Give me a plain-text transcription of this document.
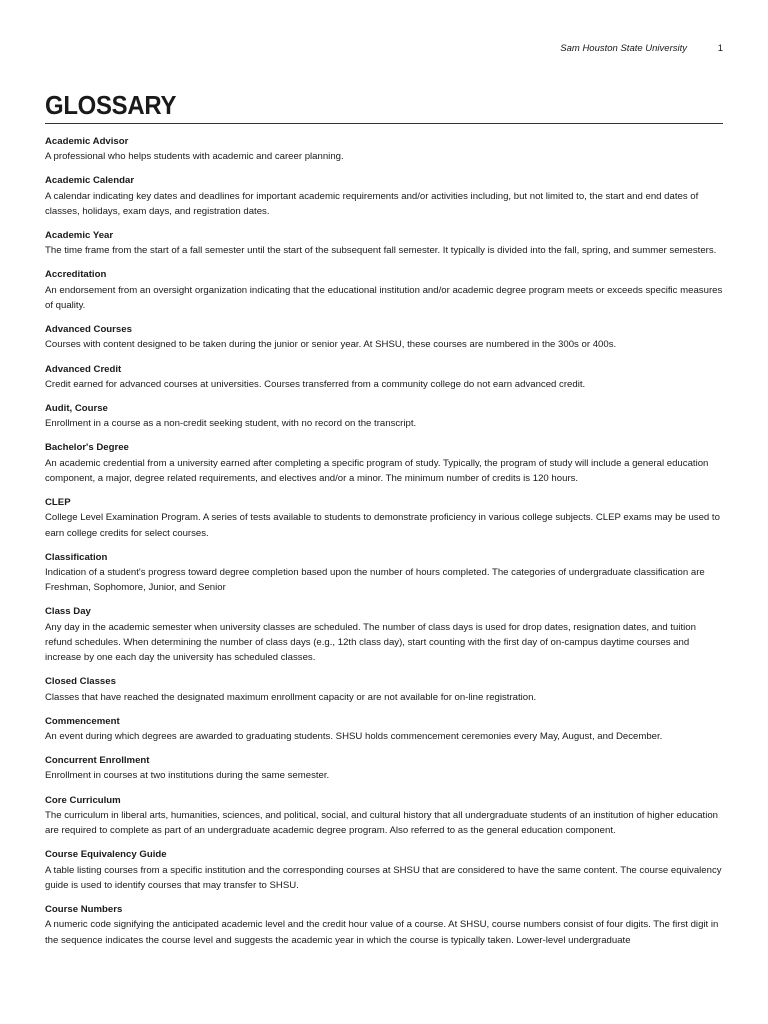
Sam Houston State University	1
GLOSSARY
Academic Advisor
A professional who helps students with academic and career planning.
Academic Calendar
A calendar indicating key dates and deadlines for important academic requirements and/or activities including, but not limited to, the start and end dates of classes, holidays, exam days, and registration dates.
Academic Year
The time frame from the start of a fall semester until the start of the subsequent fall semester. It typically is divided into the fall, spring, and summer semesters.
Accreditation
An endorsement from an oversight organization indicating that the educational institution and/or academic degree program meets or exceeds specific measures of quality.
Advanced Courses
Courses with content designed to be taken during the junior or senior year. At SHSU, these courses are numbered in the 300s or 400s.
Advanced Credit
Credit earned for advanced courses at universities. Courses transferred from a community college do not earn advanced credit.
Audit, Course
Enrollment in a course as a non-credit seeking student, with no record on the transcript.
Bachelor's Degree
An academic credential from a university earned after completing a specific program of study. Typically, the program of study will include a general education component, a major, degree related requirements, and electives and/or a minor. The minimum number of credits is 120 hours.
CLEP
College Level Examination Program. A series of tests available to students to demonstrate proficiency in various college subjects. CLEP exams may be used to earn college credits for select courses.
Classification
Indication of a student's progress toward degree completion based upon the number of hours completed. The categories of undergraduate classification are Freshman, Sophomore, Junior, and Senior
Class Day
Any day in the academic semester when university classes are scheduled. The number of class days is used for drop dates, resignation dates, and tuition refund schedules. When determining the number of class days (e.g., 12th class day), start counting with the first day of on-campus daytime courses and increase by one each day the university has scheduled classes.
Closed Classes
Classes that have reached the designated maximum enrollment capacity or are not available for on-line registration.
Commencement
An event during which degrees are awarded to graduating students. SHSU holds commencement ceremonies every May, August, and December.
Concurrent Enrollment
Enrollment in courses at two institutions during the same semester.
Core Curriculum
The curriculum in liberal arts, humanities, sciences, and political, social, and cultural history that all undergraduate students of an institution of higher education are required to complete as part of an undergraduate academic degree program. Also referred to as the general education component.
Course Equivalency Guide
A table listing courses from a specific institution and the corresponding courses at SHSU that are considered to have the same content. The course equivalency guide is used to identify courses that may transfer to SHSU.
Course Numbers
A numeric code signifying the anticipated academic level and the credit hour value of a course. At SHSU, course numbers consist of four digits. The first digit in the sequence indicates the course level and suggests the academic year in which the course is typically taken. Lower-level undergraduate
